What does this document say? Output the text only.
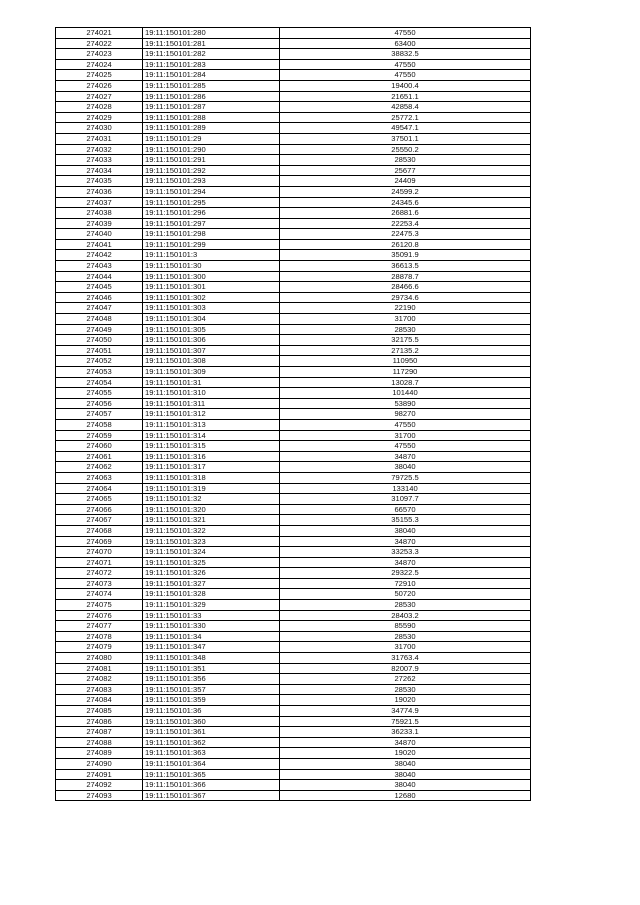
274021	19:11:150101:280	47550
274022	19:11:150101:281	63400
274023	19:11:150101:282	38832.5
274024	19:11:150101:283	47550
274025	19:11:150101:284	47550
274026	19:11:150101:285	19400.4
274027	19:11:150101:286	21651.1
274028	19:11:150101:287	42858.4
274029	19:11:150101:288	25772.1
274030	19:11:150101:289	49547.1
274031	19:11:150101:29	37501.1
274032	19:11:150101:290	25550.2
274033	19:11:150101:291	28530
274034	19:11:150101:292	25677
274035	19:11:150101:293	24409
274036	19:11:150101:294	24599.2
274037	19:11:150101:295	24345.6
274038	19:11:150101:296	26881.6
274039	19:11:150101:297	22253.4
274040	19:11:150101:298	22475.3
274041	19:11:150101:299	26120.8
274042	19:11:150101:3	35091.9
274043	19:11:150101:30	36613.5
274044	19:11:150101:300	28878.7
274045	19:11:150101:301	28466.6
274046	19:11:150101:302	29734.6
274047	19:11:150101:303	22190
274048	19:11:150101:304	31700
274049	19:11:150101:305	28530
274050	19:11:150101:306	32175.5
274051	19:11:150101:307	27135.2
274052	19:11:150101:308	110950
274053	19:11:150101:309	117290
274054	19:11:150101:31	13028.7
274055	19:11:150101:310	101440
274056	19:11:150101:311	53890
274057	19:11:150101:312	98270
274058	19:11:150101:313	47550
274059	19:11:150101:314	31700
274060	19:11:150101:315	47550
274061	19:11:150101:316	34870
274062	19:11:150101:317	38040
274063	19:11:150101:318	79725.5
274064	19:11:150101:319	133140
274065	19:11:150101:32	31097.7
274066	19:11:150101:320	66570
274067	19:11:150101:321	35155.3
274068	19:11:150101:322	38040
274069	19:11:150101:323	34870
274070	19:11:150101:324	33253.3
274071	19:11:150101:325	34870
274072	19:11:150101:326	29322.5
274073	19:11:150101:327	72910
274074	19:11:150101:328	50720
274075	19:11:150101:329	28530
274076	19:11:150101:33	28403.2
274077	19:11:150101:330	85590
274078	19:11:150101:34	28530
274079	19:11:150101:347	31700
274080	19:11:150101:348	31763.4
274081	19:11:150101:351	82007.9
274082	19:11:150101:356	27262
274083	19:11:150101:357	28530
274084	19:11:150101:359	19020
274085	19:11:150101:36	34774.9
274086	19:11:150101:360	75921.5
274087	19:11:150101:361	36233.1
274088	19:11:150101:362	34870
274089	19:11:150101:363	19020
274090	19:11:150101:364	38040
274091	19:11:150101:365	38040
274092	19:11:150101:366	38040
274093	19:11:150101:367	12680
